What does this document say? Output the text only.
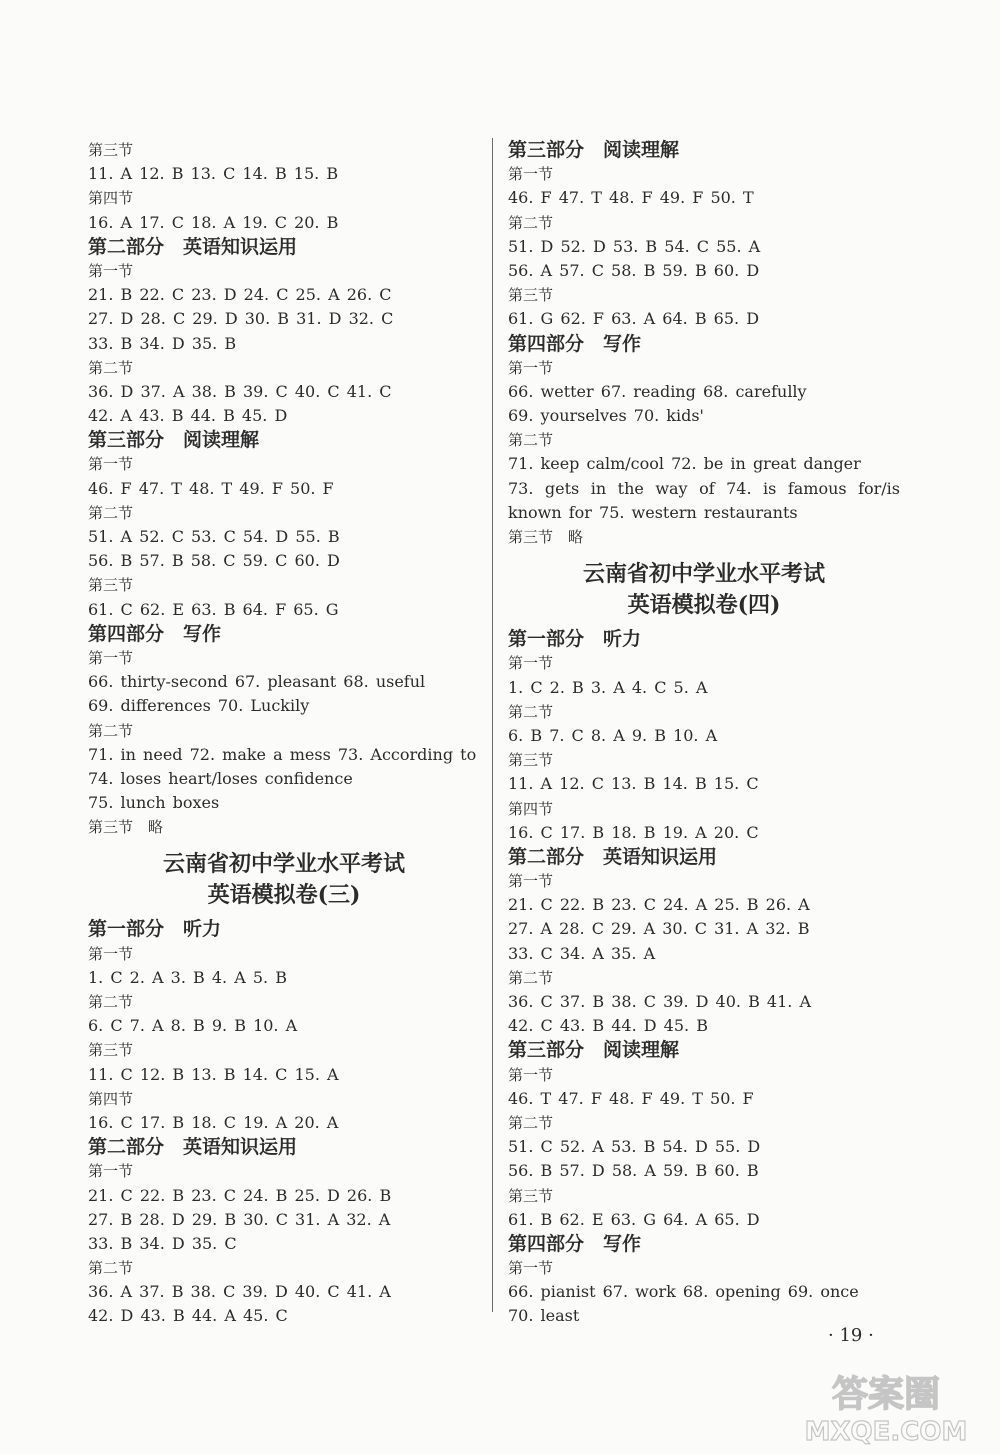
第三节
11. A 12. B 13. C 14. B 15. B
第四节
16. A 17. C 18. A 19. C 20. B
第二部分　英语知识运用
第一节
21. B 22. C 23. D 24. C 25. A 26. C
27. D 28. C 29. D 30. B 31. D 32. C
33. B 34. D 35. B
第二节
36. D 37. A 38. B 39. C 40. C 41. C
42. A 43. B 44. B 45. D
第三部分　阅读理解
第一节
46. F 47. T 48. T 49. F 50. F
第二节
51. A 52. C 53. C 54. D 55. B
56. B 57. B 58. C 59. C 60. D
第三节
61. C 62. E 63. B 64. F 65. G
第四部分　写作
第一节
66. thirty-second 67. pleasant 68. useful
69. differences 70. Luckily
第二节
71. in need 72. make a mess 73. According to
74. loses heart/loses confidence
75. lunch boxes
第三节　略
云南省初中学业水平考试
英语模拟卷(三)
第一部分　听力
第一节
1. C 2. A 3. B 4. A 5. B
第二节
6. C 7. A 8. B 9. B 10. A
第三节
11. C 12. B 13. B 14. C 15. A
第四节
16. C 17. B 18. C 19. A 20. A
第二部分　英语知识运用
第一节
21. C 22. B 23. C 24. B 25. D 26. B
27. B 28. D 29. B 30. C 31. A 32. A
33. B 34. D 35. C
第二节
36. A 37. B 38. C 39. D 40. C 41. A
42. D 43. B 44. A 45. C
第三部分　阅读理解
第一节
46. F 47. T 48. F 49. F 50. T
第二节
51. D 52. D 53. B 54. C 55. A
56. A 57. C 58. B 59. B 60. D
第三节
61. G 62. F 63. A 64. B 65. D
第四部分　写作
第一节
66. wetter 67. reading 68. carefully
69. yourselves 70. kids'
第二节
71. keep calm/cool 72. be in great danger
73. gets in the way of 74. is famous for/is
known for 75. western restaurants
第三节　略
云南省初中学业水平考试
英语模拟卷(四)
第一部分　听力
第一节
1. C 2. B 3. A 4. C 5. A
第二节
6. B 7. C 8. A 9. B 10. A
第三节
11. A 12. C 13. B 14. B 15. C
第四节
16. C 17. B 18. B 19. A 20. C
第二部分　英语知识运用
第一节
21. C 22. B 23. C 24. A 25. B 26. A
27. A 28. C 29. A 30. C 31. A 32. B
33. C 34. A 35. A
第二节
36. C 37. B 38. C 39. D 40. B 41. A
42. C 43. B 44. D 45. B
第三部分　阅读理解
第一节
46. T 47. F 48. F 49. T 50. F
第二节
51. C 52. A 53. B 54. D 55. D
56. B 57. D 58. A 59. B 60. B
第三节
61. B 62. E 63. G 64. A 65. D
第四部分　写作
第一节
66. pianist 67. work 68. opening 69. once
70. least
· 19 ·
答案圈
MXQE.COM
